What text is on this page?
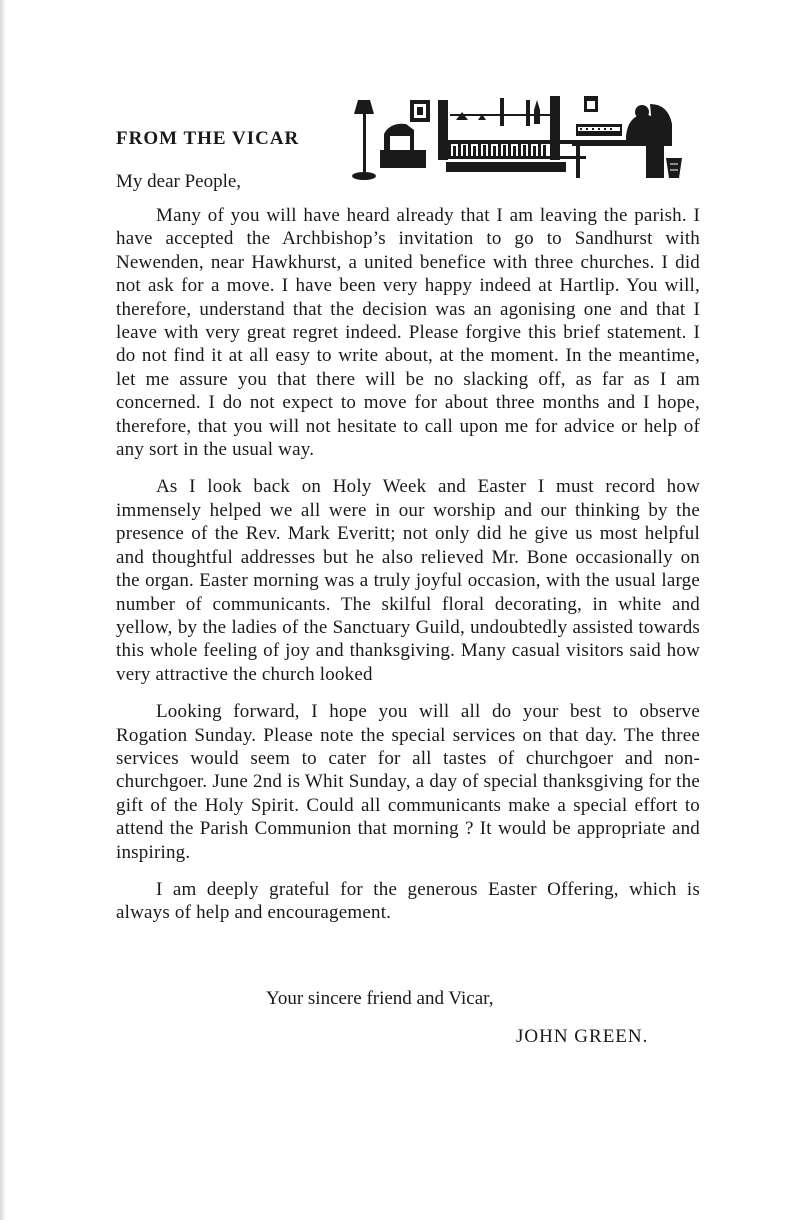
FROM THE VICAR
My dear People,

Many of you will have heard already that I am leaving the parish. I have accepted the Archbishop’s invitation to go to Sandhurst with Newenden, near Hawkhurst, a united benefice with three churches. I did not ask for a move. I have been very happy indeed at Hartlip. You will, therefore, understand that the decision was an agonising one and that I leave with very great regret indeed. Please forgive this brief statement. I do not find it at all easy to write about, at the moment. In the meantime, let me assure you that there will be no slacking off, as far as I am concerned. I do not expect to move for about three months and I hope, therefore, that you will not hesitate to call upon me for advice or help of any sort in the usual way.

As I look back on Holy Week and Easter I must record how immensely helped we all were in our worship and our thinking by the presence of the Rev. Mark Everitt; not only did he give us most helpful and thoughtful addresses but he also relieved Mr. Bone occasionally on the organ. Easter morning was a truly joyful occasion, with the usual large number of communicants. The skilful floral decorating, in white and yellow, by the ladies of the Sanctuary Guild, undoubtedly assisted towards this whole feeling of joy and thanksgiving. Many casual visitors said how very attractive the church looked

Looking forward, I hope you will all do your best to observe Rogation Sunday. Please note the special services on that day. The three services would seem to cater for all tastes of churchgoer and non-churchgoer. June 2nd is Whit Sunday, a day of special thanksgiving for the gift of the Holy Spirit. Could all communicants make a special effort to attend the Parish Communion that morning ? It would be appropriate and inspiring.

I am deeply grateful for the generous Easter Offering, which is always of help and encouragement.

Your sincere friend and Vicar,
JOHN GREEN.
